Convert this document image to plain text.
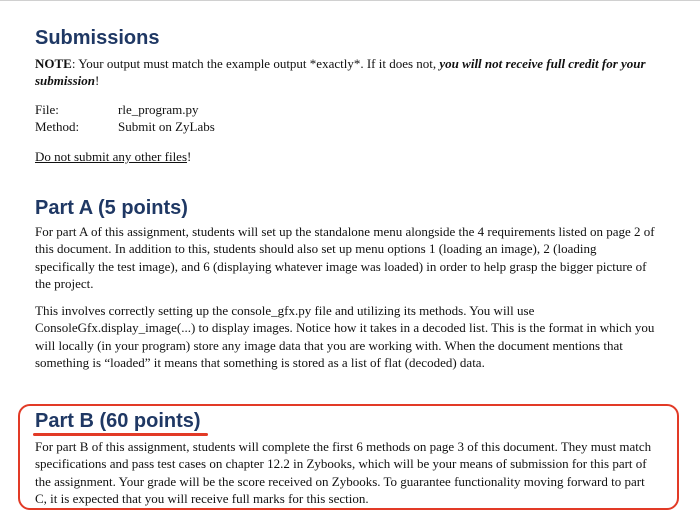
Submissions

NOTE: Your output must match the example output *exactly*. If it does not, you will not receive full credit for your submission!

File:	rle_program.py
Method:	Submit on ZyLabs

Do not submit any other files!

Part A (5 points)

For part A of this assignment, students will set up the standalone menu alongside the 4 requirements listed on page 2 of this document. In addition to this, students should also set up menu options 1 (loading an image), 2 (loading specifically the test image), and 6 (displaying whatever image was loaded) in order to help grasp the bigger picture of the project.

This involves correctly setting up the console_gfx.py file and utilizing its methods. You will use ConsoleGfx.display_image(...) to display images. Notice how it takes in a decoded list. This is the format in which you will locally (in your program) store any image data that you are working with. When the document mentions that something is “loaded” it means that something is stored as a list of flat (decoded) data.

Part B (60 points)

For part B of this assignment, students will complete the first 6 methods on page 3 of this document. They must match specifications and pass test cases on chapter 12.2 in Zybooks, which will be your means of submission for this part of the assignment. Your grade will be the score received on Zybooks. To guarantee functionality moving forward to part C, it is expected that you will receive full marks for this section.
